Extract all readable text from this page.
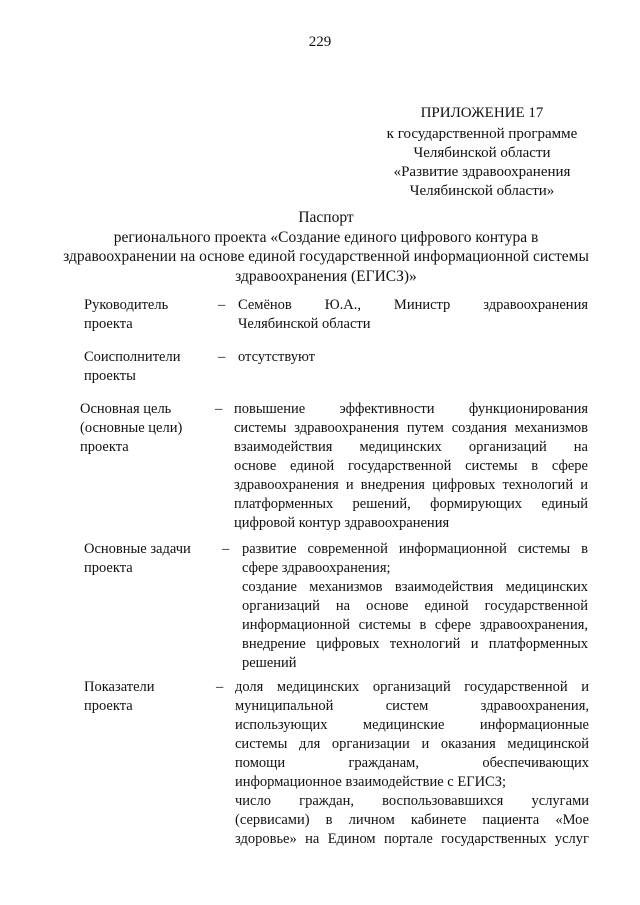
229
ПРИЛОЖЕНИЕ 17
к государственной программе
Челябинской области
«Развитие здравоохранения
Челябинской области»
Паспорт
регионального проекта «Создание единого цифрового контура в
здравоохранении на основе единой государственной информационной системы
здравоохранения (ЕГИСЗ)»
Руководитель
проекта
– Семёнов Ю.А., Министр здравоохранения
Челябинской области
Соисполнители
проекты
– отсутствуют
Основная цель
(основные цели)
проекта
– повышение эффективности функционирования
системы здравоохранения путем создания механизмов
взаимодействия медицинских организаций на
основе единой государственной системы в сфере
здравоохранения и внедрения цифровых технологий и
платформенных решений, формирующих единый
цифровой контур здравоохранения
Основные задачи
проекта
– развитие современной информационной системы в
сфере здравоохранения;
создание механизмов взаимодействия медицинских
организаций на основе единой государственной
информационной системы в сфере здравоохранения,
внедрение цифровых технологий и платформенных
решений
Показатели
проекта
– доля медицинских организаций государственной и
муниципальной систем здравоохранения,
использующих медицинские информационные
системы для организации и оказания медицинской
помощи гражданам, обеспечивающих
информационное взаимодействие с ЕГИСЗ;
число граждан, воспользовавшихся услугами
(сервисами) в личном кабинете пациента «Мое
здоровье» на Едином портале государственных услуг
